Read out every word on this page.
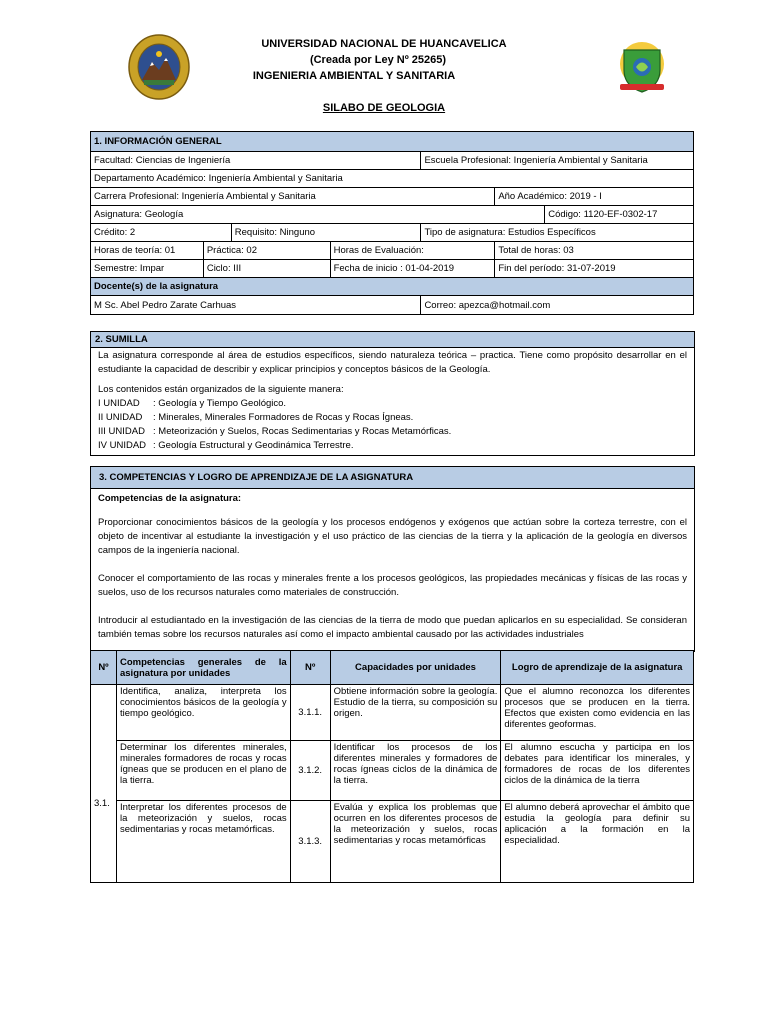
UNIVERSIDAD NACIONAL DE HUANCAVELICA
(Creada por Ley Nº 25265)
INGENIERIA AMBIENTAL Y SANITARIA
SILABO DE GEOLOGIA
1. INFORMACIÓN GENERAL						
Facultad: Ciencias de Ingeniería				Escuela Profesional: Ingeniería Ambiental y Sanitaria		
Departamento Académico: Ingeniería Ambiental y Sanitaria						
Carrera Profesional: Ingeniería Ambiental y Sanitaria					Año Académico: 2019 - I	
Asignatura: Geología						Código: 1120-EF-0302-17
Crédito: 2		Requisito: Ninguno		Tipo de asignatura: Estudios Específicos		
Horas de teoría: 01	Práctica: 02		Horas de Evaluación:		Total de horas: 03	
Semestre: Impar	Ciclo: III		Fecha de inicio : 01-04-2019		Fin del período: 31-07-2019	
Docente(s) de la asignatura						
M Sc. Abel Pedro Zarate Carhuas				Correo: apezca@hotmail.com		
2. SUMILLA
La asignatura corresponde al área de estudios específicos, siendo naturaleza teórica – practica. Tiene como propósito desarrollar en el estudiante la capacidad de describir y explicar principios y conceptos básicos de la Geología.
Los contenidos están organizados de la siguiente manera:
I UNIDAD	: Geología y Tiempo Geológico.
II UNIDAD	: Minerales, Minerales Formadores de Rocas y Rocas Ígneas.
III UNIDAD : Meteorización y Suelos, Rocas Sedimentarias y Rocas Metamórficas.
IV UNIDAD : Geología Estructural y Geodinámica Terrestre.
3. COMPETENCIAS Y LOGRO DE APRENDIZAJE DE LA ASIGNATURA
Competencias de la asignatura:
Proporcionar conocimientos básicos de la geología y los procesos endógenos y exógenos que actúan sobre la corteza terrestre, con el objeto de incentivar al estudiante la investigación y el uso práctico de las ciencias de la tierra y la aplicación de la geología en diversos campos de la ingeniería nacional.
Conocer el comportamiento de las rocas y minerales frente a los procesos geológicos, las propiedades mecánicas y físicas de las rocas y suelos, uso de los recursos naturales como materiales de construcción.
Introducir al estudiantado en la investigación de las ciencias de la tierra de modo que puedan aplicarlos en su especialidad. Se consideran también temas sobre los recursos naturales así como el impacto ambiental causado por las actividades industriales
Nº	Competencias generales de la asignatura por unidades	Nº	Capacidades por unidades	Logro de aprendizaje de la asignatura
3.1.	Identifica, analiza, interpreta los conocimientos básicos de la geología y tiempo geológico.	3.1.1.	Obtiene información sobre la geología. Estudio de la tierra, su composición su origen.	Que el alumno reconozca los diferentes procesos que se producen en la tierra. Efectos que existen como evidencia en las diferentes geoformas.
	Determinar los diferentes minerales, minerales formadores de rocas y rocas ígneas que se producen en el plano de la tierra.	3.1.2.	Identificar los procesos de los diferentes minerales y formadores de rocas ígneas ciclos de la dinámica de la tierra.	El alumno escucha y participa en los debates para identificar los minerales, y formadores de rocas de los diferentes ciclos de la dinámica de la tierra
	Interpretar los diferentes procesos de la meteorización y suelos, rocas sedimentarias y rocas metamórficas.	3.1.3.	Evalúa y explica los problemas que ocurren en los diferentes procesos de la meteorización y suelos, rocas sedimentarias y rocas metamórficas	El alumno deberá aprovechar el ámbito que estudia la geología para definir su aplicación a la formación en la especialidad.
